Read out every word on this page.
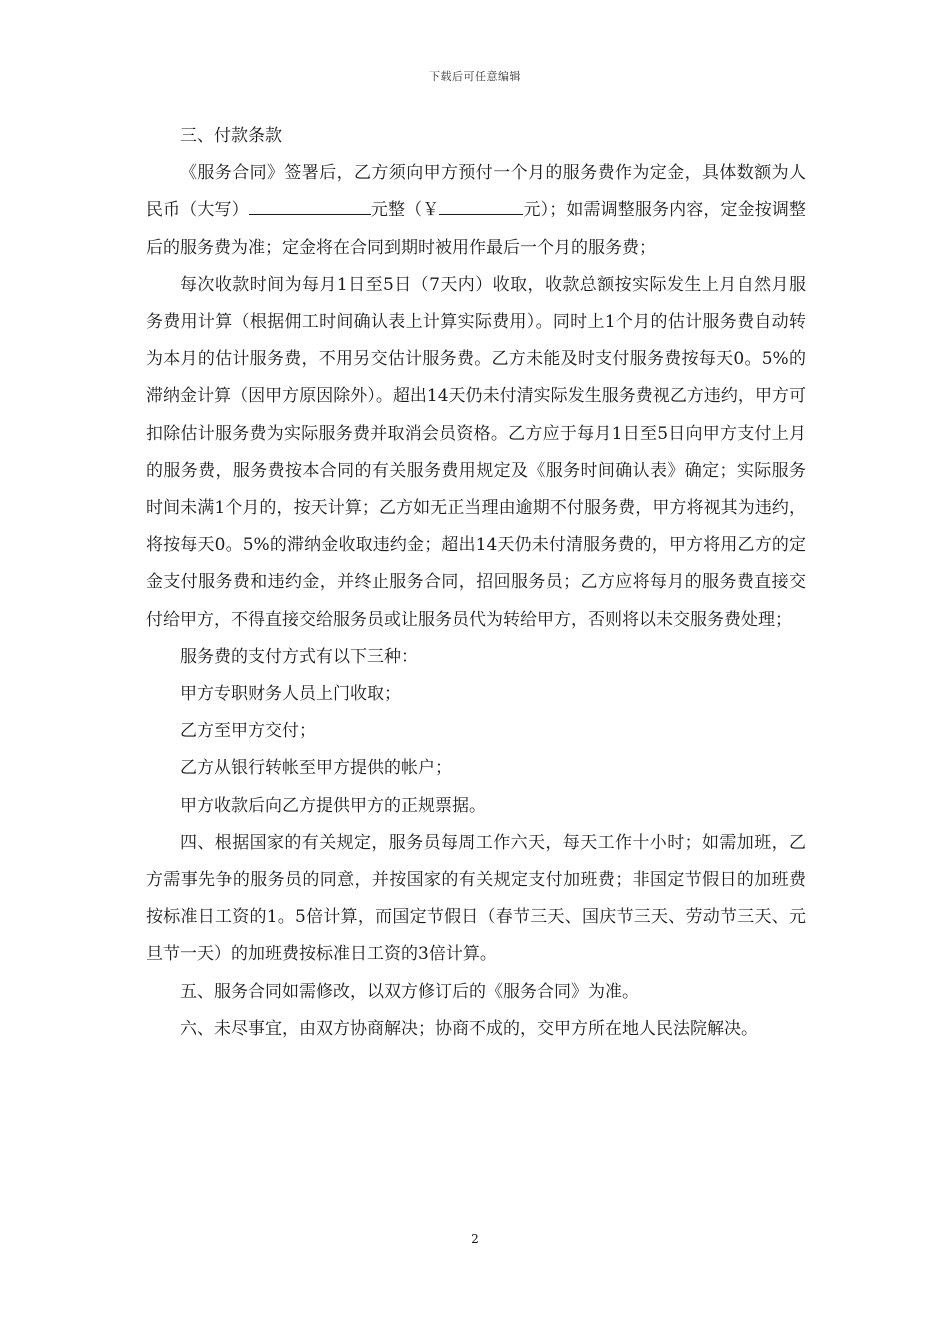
下载后可任意编辑

三、付款条款

《服务合同》签署后，乙方须向甲方预付一个月的服务费作为定金，具体数额为人民币（大写）	元整（￥	元）；如需调整服务内容，定金按调整后的服务费为准；定金将在合同到期时被用作最后一个月的服务费；

每次收款时间为每月1日至5日（7天内）收取，收款总额按实际发生上月自然月服务费用计算（根据佣工时间确认表上计算实际费用）。同时上1个月的估计服务费自动转为本月的估计服务费，不用另交估计服务费。乙方未能及时支付服务费按每天0。5%的滞纳金计算（因甲方原因除外）。超出14天仍未付清实际发生服务费视乙方违约，甲方可扣除估计服务费为实际服务费并取消会员资格。乙方应于每月1日至5日向甲方支付上月的服务费，服务费按本合同的有关服务费用规定及《服务时间确认表》确定；实际服务时间未满1个月的，按天计算；乙方如无正当理由逾期不付服务费，甲方将视其为违约，将按每天0。5%的滞纳金收取违约金；超出14天仍未付清服务费的，甲方将用乙方的定金支付服务费和违约金，并终止服务合同，招回服务员；乙方应将每月的服务费直接交付给甲方，不得直接交给服务员或让服务员代为转给甲方，否则将以未交服务费处理；

服务费的支付方式有以下三种：

甲方专职财务人员上门收取；

乙方至甲方交付；

乙方从银行转帐至甲方提供的帐户；

甲方收款后向乙方提供甲方的正规票据。

四、根据国家的有关规定，服务员每周工作六天，每天工作十小时；如需加班，乙方需事先争的服务员的同意，并按国家的有关规定支付加班费；非国定节假日的加班费按标准日工资的1。5倍计算，而国定节假日（春节三天、国庆节三天、劳动节三天、元旦节一天）的加班费按标准日工资的3倍计算。

五、服务合同如需修改，以双方修订后的《服务合同》为准。

六、未尽事宜，由双方协商解决；协商不成的，交甲方所在地人民法院解决。

2
